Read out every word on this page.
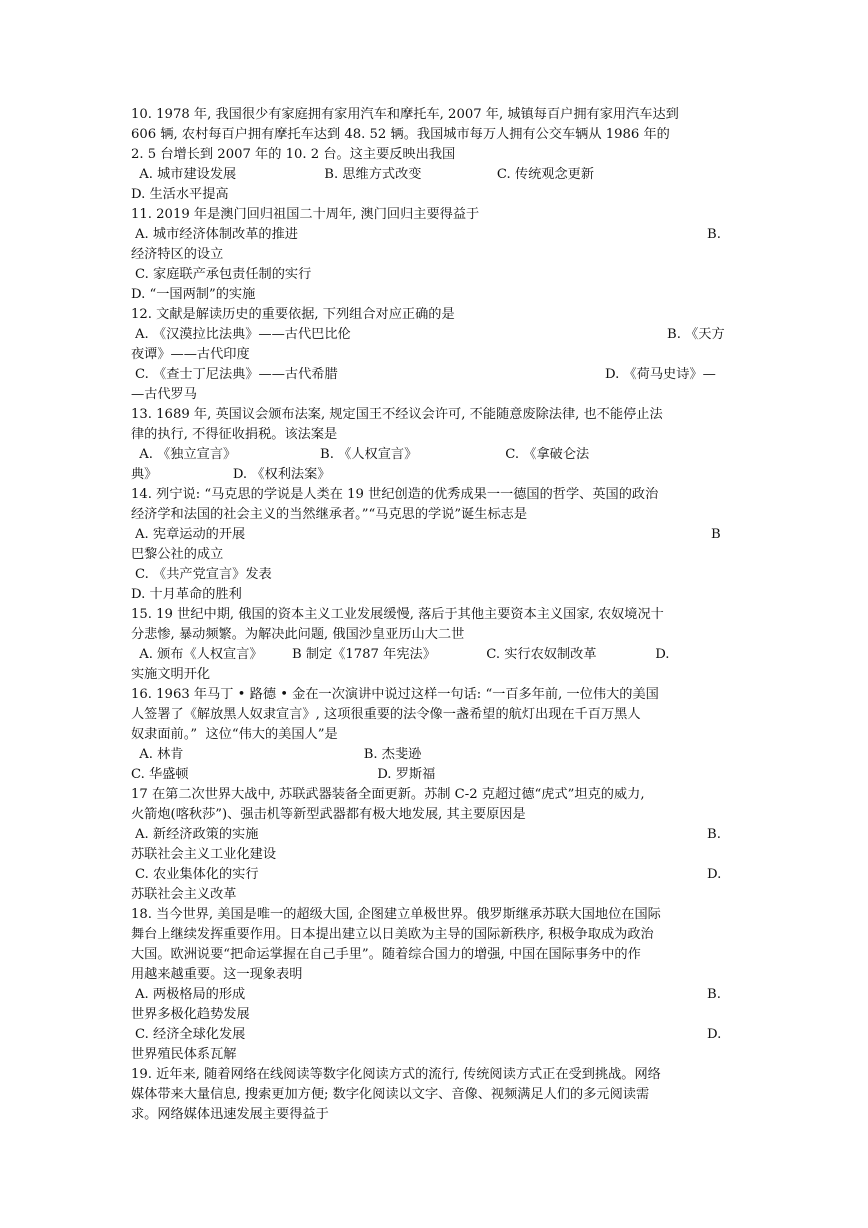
10. 1978 年, 我国很少有家庭拥有家用汽车和摩托车, 2007 年, 城镇每百户拥有家用汽车达到
606 辆, 农村每百户拥有摩托车达到 48. 52 辆。我国城市每万人拥有公交车辆从 1986 年的
2. 5 台增长到 2007 年的 10. 2 台。这主要反映出我国
A. 城市建设发展                     B. 思维方式改变                  C. 传统观念更新
D. 生活水平提高
11. 2019 年是澳门回归祖国二十周年, 澳门回归主要得益于
A. 城市经济体制改革的推进	B.
经济特区的设立
C. 家庭联产承包责任制的实行
D. “一国两制”的实施
12. 文献是解读历史的重要依据, 下列组合对应正确的是
A. 《汉漠拉比法典》——古代巴比伦	B. 《天方
夜谭》——古代印度
C. 《查士丁尼法典》——古代希腊	D. 《荷马史诗》—
—古代罗马
13. 1689 年, 英国议会颁布法案, 规定国王不经议会许可, 不能随意废除法律, 也不能停止法
律的执行, 不得征收捐税。该法案是
A. 《独立宣言》                    B. 《人权宣言》                     C. 《拿破仑法
典》                  D. 《权利法案》
14. 列宁说: “马克思的学说是人类在 19 世纪创造的优秀成果一一德国的哲学、英国的政治
经济学和法国的社会主义的当然继承者。”“马克思的学说”诞生标志是
A. 宪章运动的开展	B
巴黎公社的成立
C. 《共产党宣言》发表
D. 十月革命的胜利
15. 19 世纪中期, 俄国的资本主义工业发展缓慢, 落后于其他主要资本主义国家, 农奴境况十
分悲惨, 暴动频繁。为解决此问题, 俄国沙皇亚历山大二世
A. 颁布《人权宣言》       B 制定《1787 年宪法》            C. 实行农奴制改革              D.
实施文明开化
16. 1963 年马丁 • 路德 • 金在一次演讲中说过这样一句话: “一百多年前, 一位伟大的美国
人签署了《解放黑人奴隶宣言》, 这项很重要的法令像一盏希望的航灯出现在千百万黑人
奴隶面前。”  这位“伟大的美国人”是
A. 林肯                                           B. 杰斐逊
C. 华盛顿                                             D. 罗斯福
17 在第二次世界大战中, 苏联武器装备全面更新。苏制 C-2 克超过德“虎式”坦克的威力,
火箭炮(喀秋莎”)、强击机等新型武器都有极大地发展, 其主要原因是
A. 新经济政策的实施	B.
苏联社会主义工业化建设
C. 农业集体化的实行	D.
苏联社会主义改革
18. 当今世界, 美国是唯一的超级大国, 企图建立单极世界。俄罗斯继承苏联大国地位在国际
舞台上继续发挥重要作用。日本提出建立以日美欧为主导的国际新秩序, 积极争取成为政治
大国。欧洲说要“把命运掌握在自己手里”。随着综合国力的增强, 中国在国际事务中的作
用越来越重要。这一现象表明
A. 两极格局的形成	B.
世界多极化趋势发展
C. 经济全球化发展	D.
世界殖民体系瓦解
19. 近年来, 随着网络在线阅读等数字化阅读方式的流行, 传统阅读方式正在受到挑战。网络
媒体带来大量信息, 搜索更加方便; 数字化阅读以文字、音像、视频满足人们的多元阅读需
求。网络媒体迅速发展主要得益于
